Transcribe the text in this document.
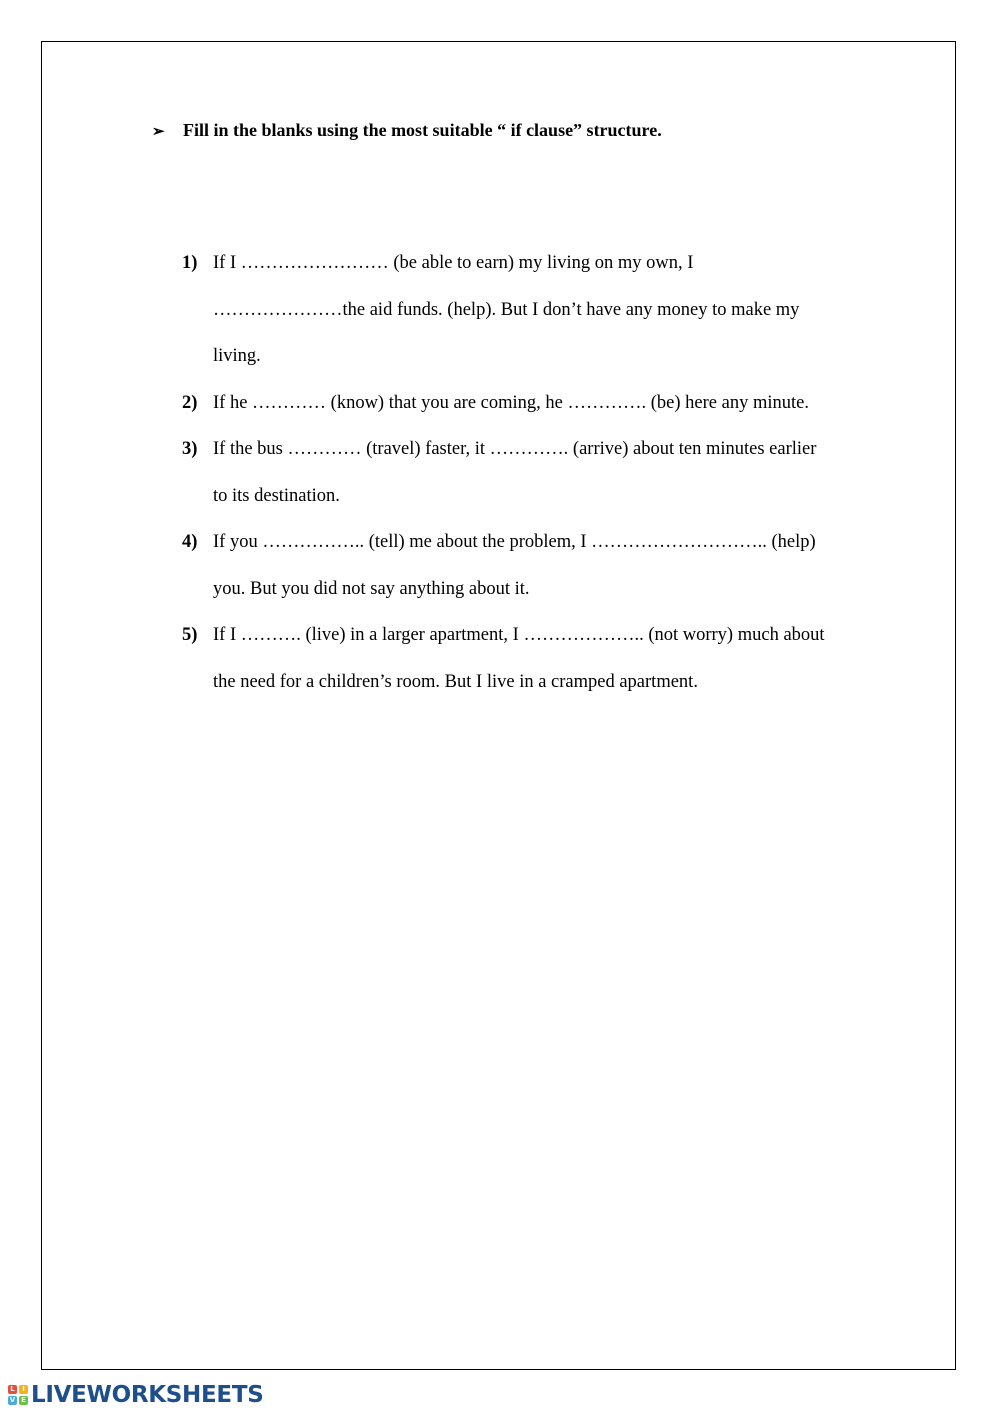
➢ Fill in the blanks using the most suitable “ if clause” structure.
1) If I …………………… (be able to earn) my living on my own, I
…………………the aid funds. (help). But I don’t have any money to make my
living.
2) If he ………… (know) that you are coming, he …………. (be) here any minute.
3) If the bus ………… (travel) faster, it …………. (arrive) about ten minutes earlier
to its destination.
4) If you …………….. (tell) me about the problem, I ……………………….. (help)
you. But you did not say anything about it.
5) If I ………. (live) in a larger apartment, I ……………….. (not worry) much about
the need for a children’s room. But I live in a cramped apartment.
L	I
V E LIVEWORKSHEETS
